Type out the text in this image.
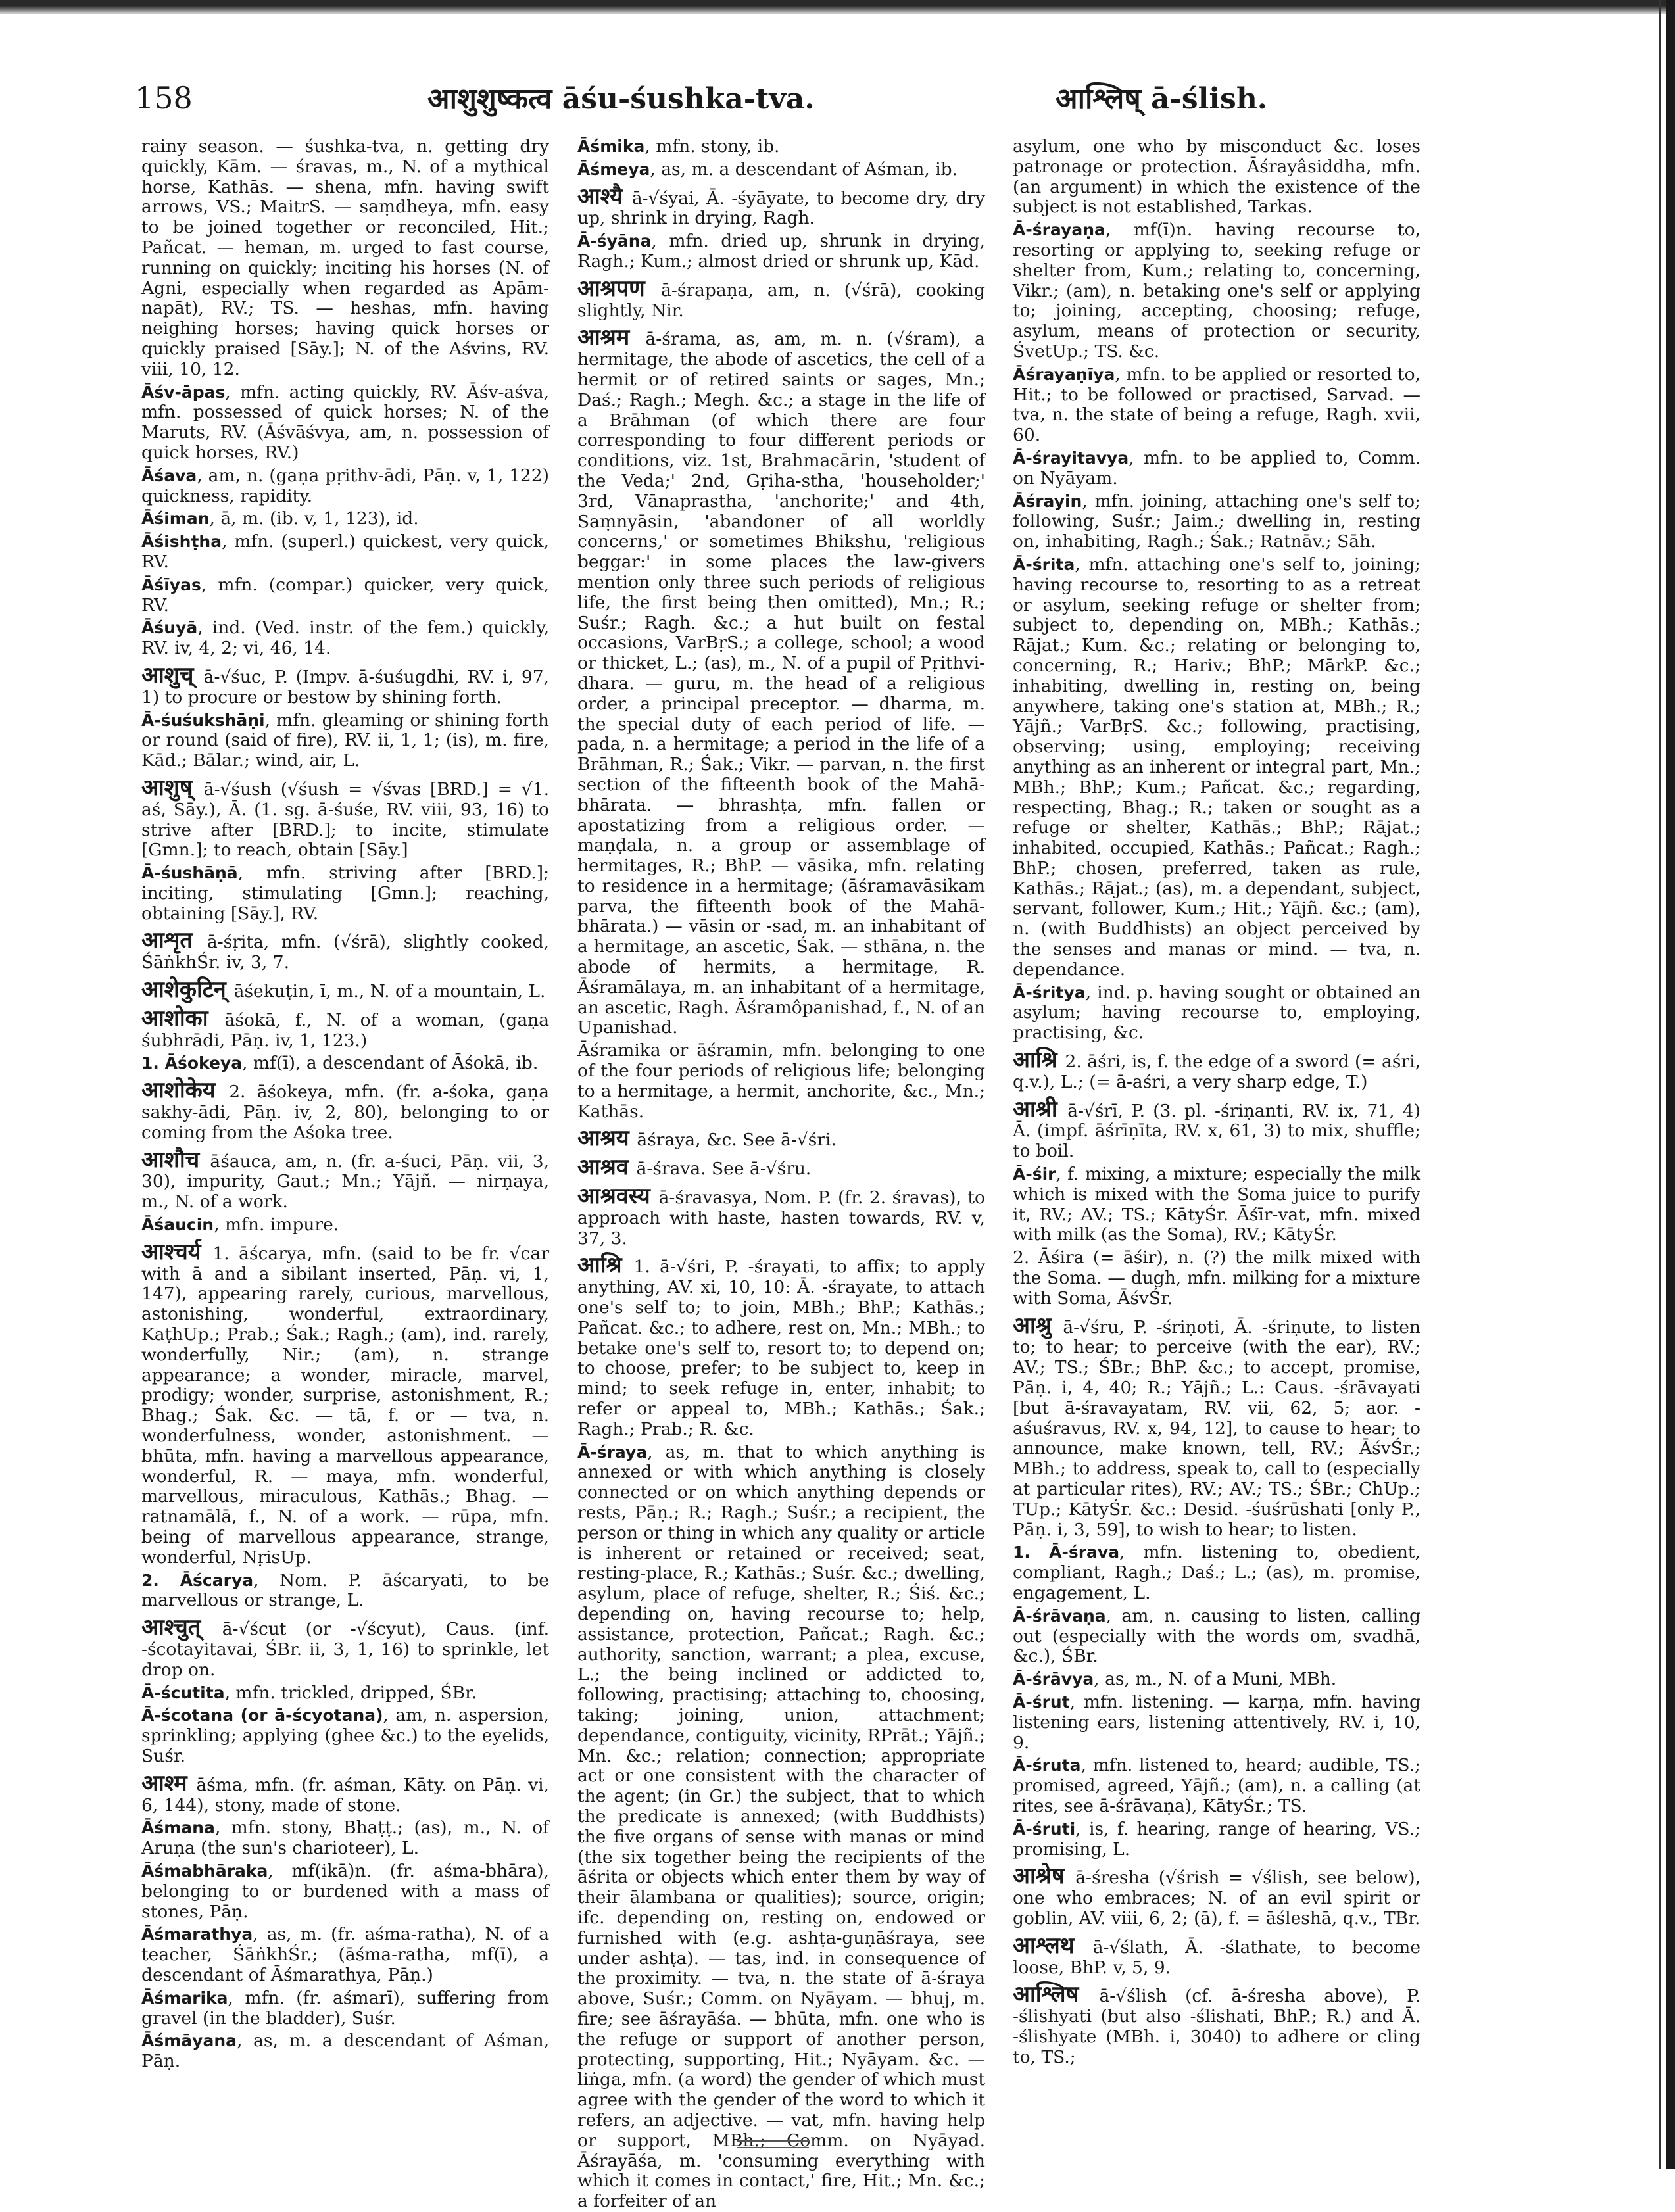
158	आशुशुष्कत्व āśu-śushka-tva.	आश्लिष् ā-ślish.

rainy season. — śushka-tva, n. getting dry quickly, Kām. — śravas, m., N. of a mythical horse, Kathās. — shena, mfn. having swift arrows, VS.; MaitrS. — saṃdheya, mfn. easy to be joined together or reconciled, Hit.; Pañcat. — heman, m. urged to fast course, running on quickly; inciting his horses (N. of Agni, especially when regarded as Apām-napāt), RV.; TS. — heshas, mfn. having neighing horses; having quick horses or quickly praised [Sāy.]; N. of the Aśvins, RV. viii, 10, 12.

Āśv-āpas, mfn. acting quickly, RV. Āśv-aśva, mfn. possessed of quick horses; N. of the Maruts, RV. (Āśvāśvya, am, n. possession of quick horses, RV.)

Āśava, am, n. (gaṇa pṛithv-ādi, Pāṇ. v, 1, 122) quickness, rapidity.

Āśiman, ā, m. (ib. v, 1, 123), id.

Āśishṭha, mfn. (superl.) quickest, very quick, RV.

Āśīyas, mfn. (compar.) quicker, very quick, RV.

Āśuyā, ind. (Ved. instr. of the fem.) quickly, RV. iv, 4, 2; vi, 46, 14.

आशुच् ā-√śuc, P. (Impv. ā-śuśugdhi, RV. i, 97, 1) to procure or bestow by shining forth.

Ā-śuśukshāṇi, mfn. gleaming or shining forth or round (said of fire), RV. ii, 1, 1; (is), m. fire, Kād.; Bālar.; wind, air, L.

आशुष् ā-√śush (√śush = √śvas [BRD.] = √1. aś, Sāy.), Ā. (1. sg. ā-śuśe, RV. viii, 93, 16) to strive after [BRD.]; to incite, stimulate [Gmn.]; to reach, obtain [Sāy.]

Ā-śushāṇā, mfn. striving after [BRD.]; inciting, stimulating [Gmn.]; reaching, obtaining [Sāy.], RV.

आशृत ā-śṛita, mfn. (√śrā), slightly cooked, ŚāṅkhŚr. iv, 3, 7.

आशेकुटिन् āśekuṭin, ī, m., N. of a mountain, L.

आशोका āśokā, f., N. of a woman, (gaṇa śubhrādi, Pāṇ. iv, 1, 123.)

1. Āśokeya, mf(ī), a descendant of Āśokā, ib.

आशोकेय 2. āśokeya, mfn. (fr. a-śoka, gaṇa sakhy-ādi, Pāṇ. iv, 2, 80), belonging to or coming from the Aśoka tree.

आशौच āśauca, am, n. (fr. a-śuci, Pāṇ. vii, 3, 30), impurity, Gaut.; Mn.; Yājñ. — nirṇaya, m., N. of a work.

Āśaucin, mfn. impure.

आश्चर्य 1. āścarya, mfn. (said to be fr. √car with ā and a sibilant inserted, Pāṇ. vi, 1, 147), appearing rarely, curious, marvellous, astonishing, wonderful, extraordinary, KaṭhUp.; Prab.; Śak.; Ragh.; (am), ind. rarely, wonderfully, Nir.; (am), n. strange appearance; a wonder, miracle, marvel, prodigy; wonder, surprise, astonishment, R.; Bhag.; Śak. &c. — tā, f. or — tva, n. wonderfulness, wonder, astonishment. — bhūta, mfn. having a marvellous appearance, wonderful, R. — maya, mfn. wonderful, marvellous, miraculous, Kathās.; Bhag. — ratnamālā, f., N. of a work. — rūpa, mfn. being of marvellous appearance, strange, wonderful, NṛisUp.

2. Āścarya, Nom. P. āścaryati, to be marvellous or strange, L.

आश्चुत् ā-√ścut (or -√ścyut), Caus. (inf. -ścotayitavai, ŚBr. ii, 3, 1, 16) to sprinkle, let drop on.

Ā-ścutita, mfn. trickled, dripped, ŚBr.

Ā-ścotana (or ā-ścyotana), am, n. aspersion, sprinkling; applying (ghee &c.) to the eyelids, Suśr.

आश्म āśma, mfn. (fr. aśman, Kāty. on Pāṇ. vi, 6, 144), stony, made of stone.

Āśmana, mfn. stony, Bhaṭṭ.; (as), m., N. of Aruṇa (the sun's charioteer), L.

Āśmabhāraka, mf(ikā)n. (fr. aśma-bhāra), belonging to or burdened with a mass of stones, Pāṇ.

Āśmarathya, as, m. (fr. aśma-ratha), N. of a teacher, ŚāṅkhŚr.; (āśma-ratha, mf(ī), a descendant of Āśmarathya, Pāṇ.)

Āśmarika, mfn. (fr. aśmarī), suffering from gravel (in the bladder), Suśr.

Āśmāyana, as, m. a descendant of Aśman, Pāṇ.

Āśmika, mfn. stony, ib.

Āśmeya, as, m. a descendant of Aśman, ib.

आश्यै ā-√śyai, Ā. -śyāyate, to become dry, dry up, shrink in drying, Ragh.

Ā-śyāna, mfn. dried up, shrunk in drying, Ragh.; Kum.; almost dried or shrunk up, Kād.

आश्रपण ā-śrapaṇa, am, n. (√śrā), cooking slightly, Nir.

आश्रम ā-śrama, as, am, m. n. (√śram), a hermitage, the abode of ascetics, the cell of a hermit or of retired saints or sages, Mn.; Daś.; Ragh.; Megh. &c.; a stage in the life of a Brāhman (of which there are four corresponding to four different periods or conditions, viz. 1st, Brahmacārin, 'student of the Veda;' 2nd, Gṛiha-stha, 'householder;' 3rd, Vānaprastha, 'anchorite;' and 4th, Saṃnyāsin, 'abandoner of all worldly concerns,' or sometimes Bhikshu, 'religious beggar:' in some places the law-givers mention only three such periods of religious life, the first being then omitted), Mn.; R.; Suśr.; Ragh. &c.; a hut built on festal occasions, VarBṛS.; a college, school; a wood or thicket, L.; (as), m., N. of a pupil of Pṛithvi-dhara. — guru, m. the head of a religious order, a principal preceptor. — dharma, m. the special duty of each period of life. — pada, n. a hermitage; a period in the life of a Brāhman, R.; Śak.; Vikr. — parvan, n. the first section of the fifteenth book of the Mahā-bhārata. — bhrashṭa, mfn. fallen or apostatizing from a religious order. — maṇḍala, n. a group or assemblage of hermitages, R.; BhP. — vāsika, mfn. relating to residence in a hermitage; (āśramavāsikam parva, the fifteenth book of the Mahā-bhārata.) — vāsin or -sad, m. an inhabitant of a hermitage, an ascetic, Śak. — sthāna, n. the abode of hermits, a hermitage, R. Āśramālaya, m. an inhabitant of a hermitage, an ascetic, Ragh. Āśramôpanishad, f., N. of an Upanishad.

Āśramika or āśramin, mfn. belonging to one of the four periods of religious life; belonging to a hermitage, a hermit, anchorite, &c., Mn.; Kathās.

आश्रय āśraya, &c. See ā-√śri.

आश्रव ā-śrava. See ā-√śru.

आश्रवस्य ā-śravasya, Nom. P. (fr. 2. śravas), to approach with haste, hasten towards, RV. v, 37, 3.

आश्रि 1. ā-√śri, P. -śrayati, to affix; to apply anything, AV. xi, 10, 10: Ā. -śrayate, to attach one's self to; to join, MBh.; BhP.; Kathās.; Pañcat. &c.; to adhere, rest on, Mn.; MBh.; to betake one's self to, resort to; to depend on; to choose, prefer; to be subject to, keep in mind; to seek refuge in, enter, inhabit; to refer or appeal to, MBh.; Kathās.; Śak.; Ragh.; Prab.; R. &c.

Ā-śraya, as, m. that to which anything is annexed or with which anything is closely connected or on which anything depends or rests, Pāṇ.; R.; Ragh.; Suśr.; a recipient, the person or thing in which any quality or article is inherent or retained or received; seat, resting-place, R.; Kathās.; Suśr. &c.; dwelling, asylum, place of refuge, shelter, R.; Śiś. &c.; depending on, having recourse to; help, assistance, protection, Pañcat.; Ragh. &c.; authority, sanction, warrant; a plea, excuse, L.; the being inclined or addicted to, following, practising; attaching to, choosing, taking; joining, union, attachment; dependance, contiguity, vicinity, RPrāt.; Yājñ.; Mn. &c.; relation; connection; appropriate act or one consistent with the character of the agent; (in Gr.) the subject, that to which the predicate is annexed; (with Buddhists) the five organs of sense with manas or mind (the six together being the recipients of the āśrita or objects which enter them by way of their ālambana or qualities); source, origin; ifc. depending on, resting on, endowed or furnished with (e.g. ashṭa-guṇāśraya, see under ashṭa). — tas, ind. in consequence of the proximity. — tva, n. the state of ā-śraya above, Suśr.; Comm. on Nyāyam. — bhuj, m. fire; see āśrayāśa. — bhūta, mfn. one who is the refuge or support of another person, protecting, supporting, Hit.; Nyāyam. &c. — liṅga, mfn. (a word) the gender of which must agree with the gender of the word to which it refers, an adjective. — vat, mfn. having help or support, MBh.; Comm. on Nyāyad. Āśrayāśa, m. 'consuming everything with which it comes in contact,' fire, Hit.; Mn. &c.; a forfeiter of an

asylum, one who by misconduct &c. loses patronage or protection. Āśrayâsiddha, mfn. (an argument) in which the existence of the subject is not established, Tarkas.

Ā-śrayaṇa, mf(ī)n. having recourse to, resorting or applying to, seeking refuge or shelter from, Kum.; relating to, concerning, Vikr.; (am), n. betaking one's self or applying to; joining, accepting, choosing; refuge, asylum, means of protection or security, ŚvetUp.; TS. &c.

Āśrayaṇīya, mfn. to be applied or resorted to, Hit.; to be followed or practised, Sarvad. — tva, n. the state of being a refuge, Ragh. xvii, 60.

Ā-śrayitavya, mfn. to be applied to, Comm. on Nyāyam.

Āśrayin, mfn. joining, attaching one's self to; following, Suśr.; Jaim.; dwelling in, resting on, inhabiting, Ragh.; Śak.; Ratnāv.; Sāh.

Ā-śrita, mfn. attaching one's self to, joining; having recourse to, resorting to as a retreat or asylum, seeking refuge or shelter from; subject to, depending on, MBh.; Kathās.; Rājat.; Kum. &c.; relating or belonging to, concerning, R.; Hariv.; BhP.; MārkP. &c.; inhabiting, dwelling in, resting on, being anywhere, taking one's station at, MBh.; R.; Yājñ.; VarBṛS. &c.; following, practising, observing; using, employing; receiving anything as an inherent or integral part, Mn.; MBh.; BhP.; Kum.; Pañcat. &c.; regarding, respecting, Bhag.; R.; taken or sought as a refuge or shelter, Kathās.; BhP.; Rājat.; inhabited, occupied, Kathās.; Pañcat.; Ragh.; BhP.; chosen, preferred, taken as rule, Kathās.; Rājat.; (as), m. a dependant, subject, servant, follower, Kum.; Hit.; Yājñ. &c.; (am), n. (with Buddhists) an object perceived by the senses and manas or mind. — tva, n. dependance.

Ā-śritya, ind. p. having sought or obtained an asylum; having recourse to, employing, practising, &c.

आश्रि 2. āśri, is, f. the edge of a sword (= aśri, q.v.), L.; (= ā-aśri, a very sharp edge, T.)

आश्री ā-√śrī, P. (3. pl. -śriṇanti, RV. ix, 71, 4) Ā. (impf. āśrīṇīta, RV. x, 61, 3) to mix, shuffle; to boil.

Ā-śir, f. mixing, a mixture; especially the milk which is mixed with the Soma juice to purify it, RV.; AV.; TS.; KātyŚr. Āśīr-vat, mfn. mixed with milk (as the Soma), RV.; KātyŚr.

2. Āśira (= āśir), n. (?) the milk mixed with the Soma. — dugh, mfn. milking for a mixture with Soma, ĀśvŚr.

आश्रु ā-√śru, P. -śriṇoti, Ā. -śriṇute, to listen to; to hear; to perceive (with the ear), RV.; AV.; TS.; ŚBr.; BhP. &c.; to accept, promise, Pāṇ. i, 4, 40; R.; Yājñ.; L.: Caus. -śrāvayati [but ā-śravayatam, RV. vii, 62, 5; aor. -aśuśravus, RV. x, 94, 12], to cause to hear; to announce, make known, tell, RV.; ĀśvŚr.; MBh.; to address, speak to, call to (especially at particular rites), RV.; AV.; TS.; ŚBr.; ChUp.; TUp.; KātyŚr. &c.: Desid. -śuśrūshati [only P., Pāṇ. i, 3, 59], to wish to hear; to listen.

1. Ā-śrava, mfn. listening to, obedient, compliant, Ragh.; Daś.; L.; (as), m. promise, engagement, L.

Ā-śrāvaṇa, am, n. causing to listen, calling out (especially with the words om, svadhā, &c.), ŚBr.

Ā-śrāvya, as, m., N. of a Muni, MBh.

Ā-śrut, mfn. listening. — karṇa, mfn. having listening ears, listening attentively, RV. i, 10, 9.

Ā-śruta, mfn. listened to, heard; audible, TS.; promised, agreed, Yājñ.; (am), n. a calling (at rites, see ā-śrāvaṇa), KātyŚr.; TS.

Ā-śruti, is, f. hearing, range of hearing, VS.; promising, L.

आश्रेष ā-śresha (√śrish = √ślish, see below), one who embraces; N. of an evil spirit or goblin, AV. viii, 6, 2; (ā), f. = āśleshā, q.v., TBr.

आश्लथ ā-√ślath, Ā. -ślathate, to become loose, BhP. v, 5, 9.

आश्लिष ā-√ślish (cf. ā-śresha above), P. -ślishyati (but also -ślishati, BhP.; R.) and Ā. -ślishyate (MBh. i, 3040) to adhere or cling to, TS.;
